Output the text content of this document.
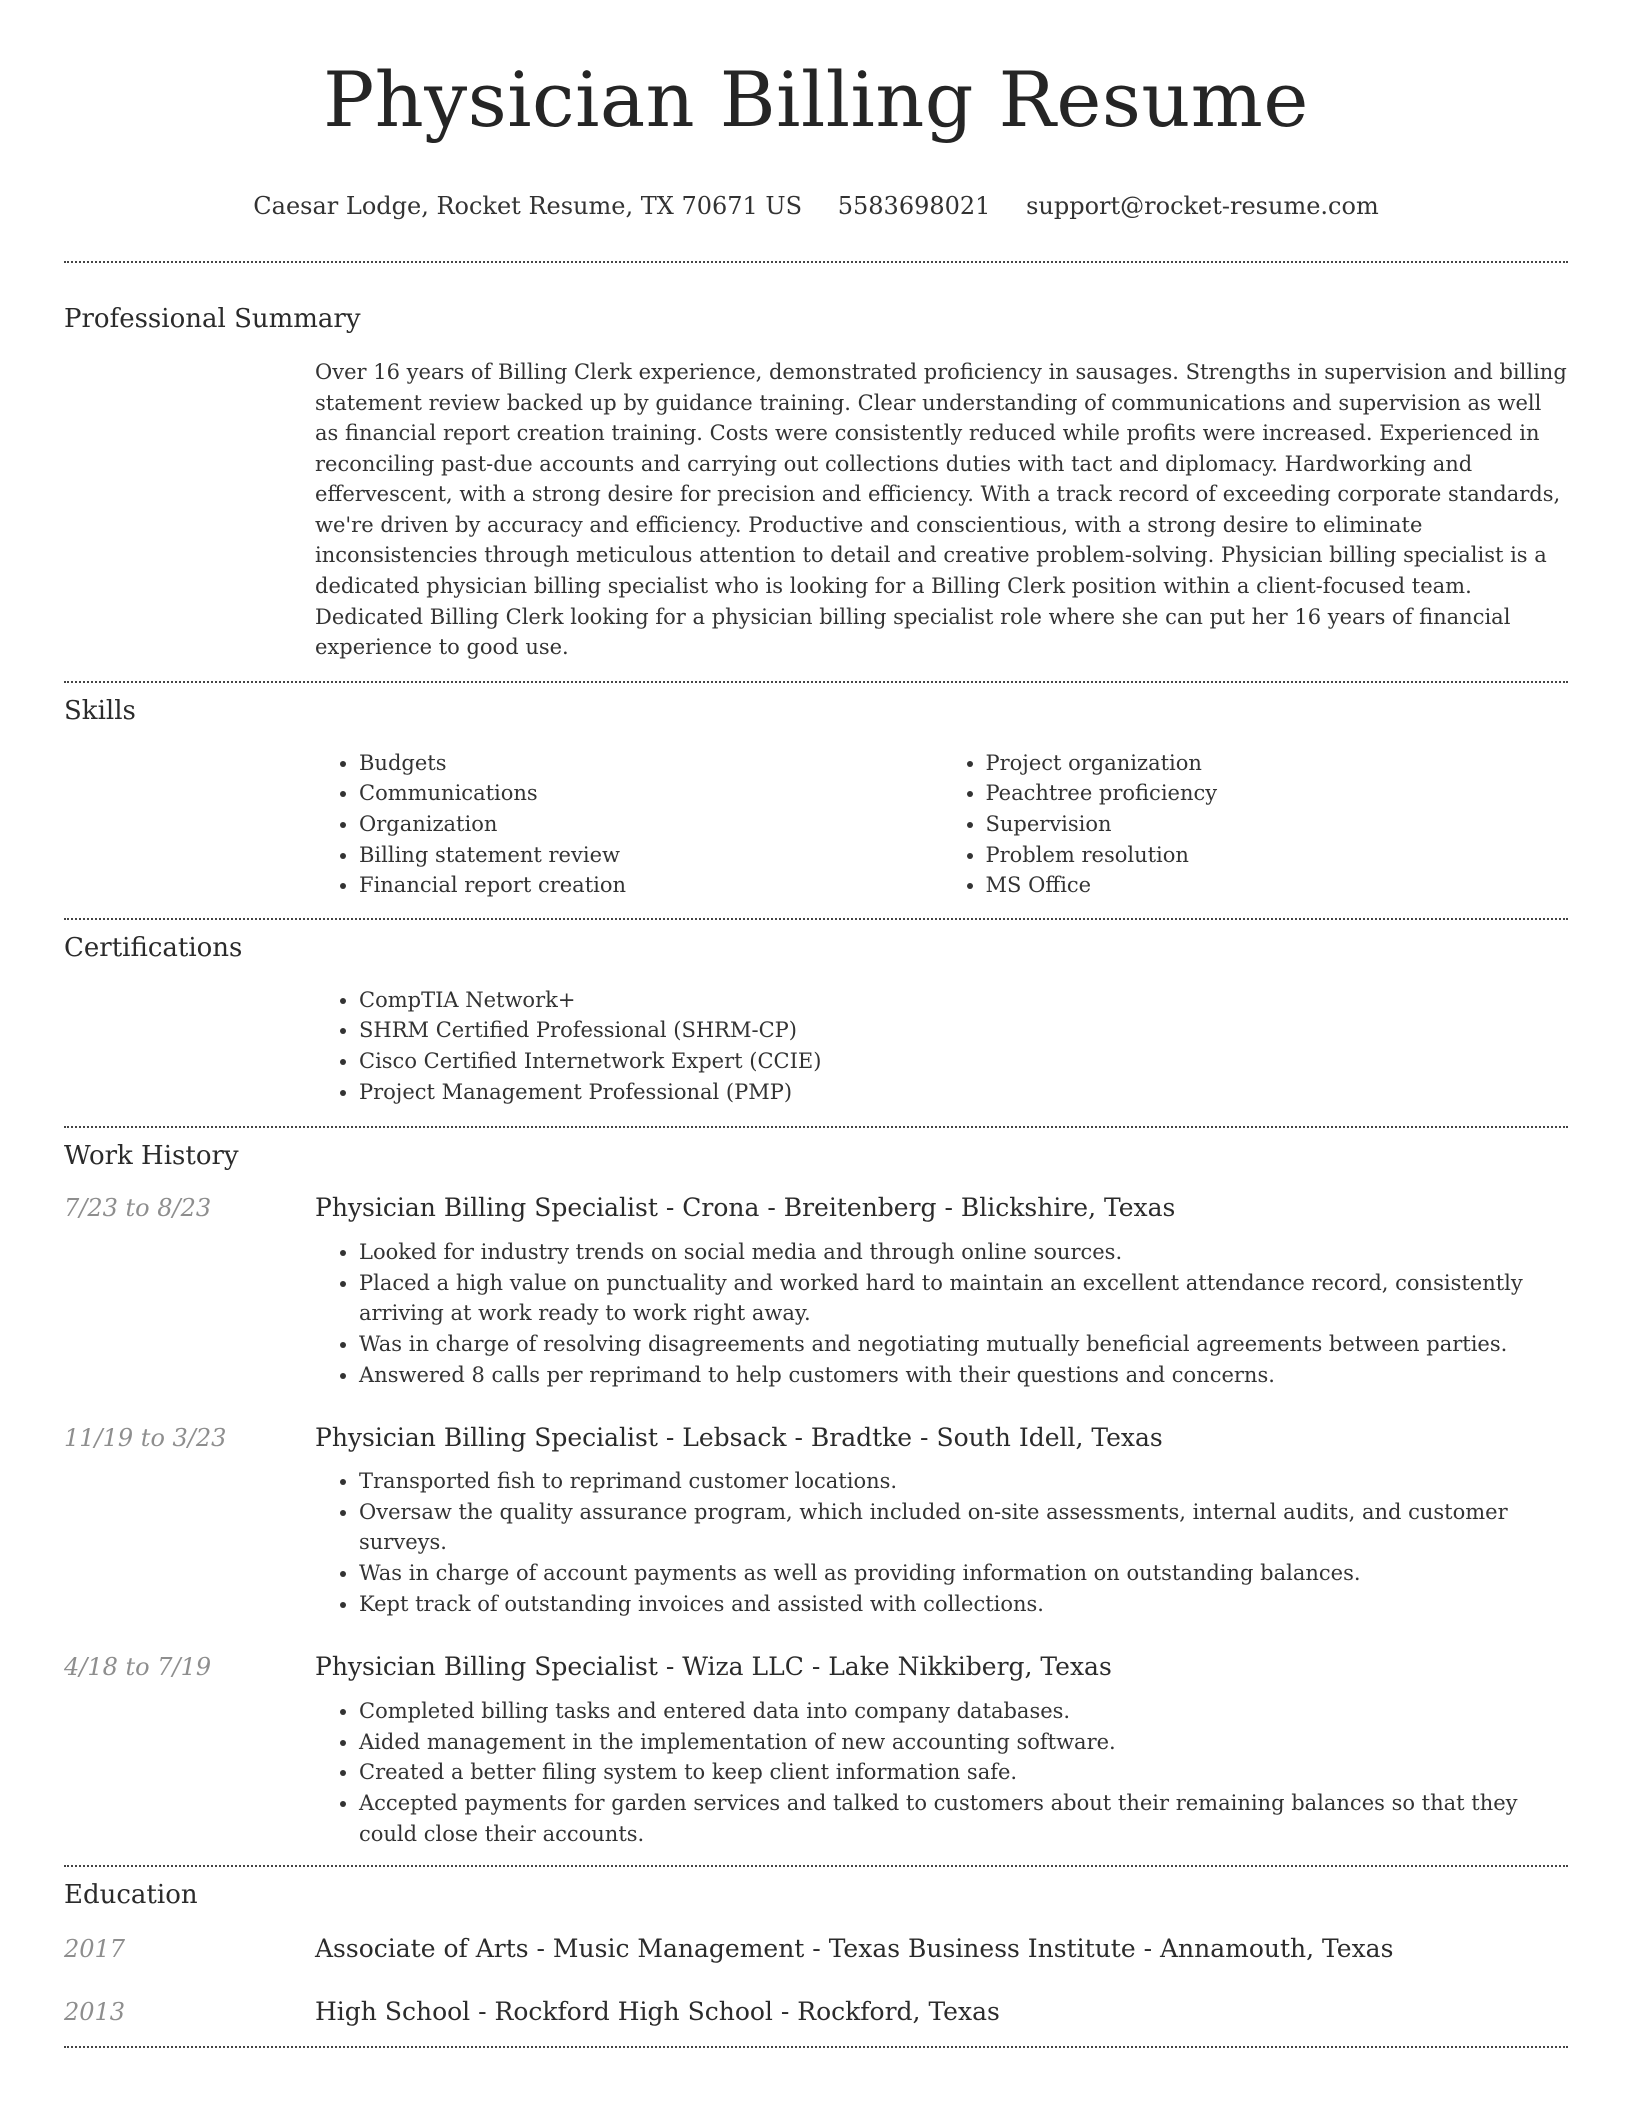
Physician Billing Resume
Caesar Lodge, Rocket Resume, TX 70671 US 5583698021 support@rocket-resume.com
Professional Summary
Over 16 years of Billing Clerk experience, demonstrated proficiency in sausages. Strengths in supervision and billing statement review backed up by guidance training. Clear understanding of communications and supervision as well as financial report creation training. Costs were consistently reduced while profits were increased. Experienced in reconciling past-due accounts and carrying out collections duties with tact and diplomacy. Hardworking and effervescent, with a strong desire for precision and efficiency. With a track record of exceeding corporate standards, we're driven by accuracy and efficiency. Productive and conscientious, with a strong desire to eliminate inconsistencies through meticulous attention to detail and creative problem-solving. Physician billing specialist is a dedicated physician billing specialist who is looking for a Billing Clerk position within a client-focused team. Dedicated Billing Clerk looking for a physician billing specialist role where she can put her 16 years of financial experience to good use.
Skills
• Budgets
• Communications
• Organization
• Billing statement review
• Financial report creation
• Project organization
• Peachtree proficiency
• Supervision
• Problem resolution
• MS Office
Certifications
• CompTIA Network+
• SHRM Certified Professional (SHRM-CP)
• Cisco Certified Internetwork Expert (CCIE)
• Project Management Professional (PMP)
Work History
7/23 to 8/23	Physician Billing Specialist - Crona - Breitenberg - Blickshire, Texas
• Looked for industry trends on social media and through online sources.
• Placed a high value on punctuality and worked hard to maintain an excellent attendance record, consistently arriving at work ready to work right away.
• Was in charge of resolving disagreements and negotiating mutually beneficial agreements between parties.
• Answered 8 calls per reprimand to help customers with their questions and concerns.
11/19 to 3/23	Physician Billing Specialist - Lebsack - Bradtke - South Idell, Texas
• Transported fish to reprimand customer locations.
• Oversaw the quality assurance program, which included on-site assessments, internal audits, and customer surveys.
• Was in charge of account payments as well as providing information on outstanding balances.
• Kept track of outstanding invoices and assisted with collections.
4/18 to 7/19	Physician Billing Specialist - Wiza LLC - Lake Nikkiberg, Texas
• Completed billing tasks and entered data into company databases.
• Aided management in the implementation of new accounting software.
• Created a better filing system to keep client information safe.
• Accepted payments for garden services and talked to customers about their remaining balances so that they could close their accounts.
Education
2017	Associate of Arts - Music Management - Texas Business Institute - Annamouth, Texas
2013	High School - Rockford High School - Rockford, Texas
